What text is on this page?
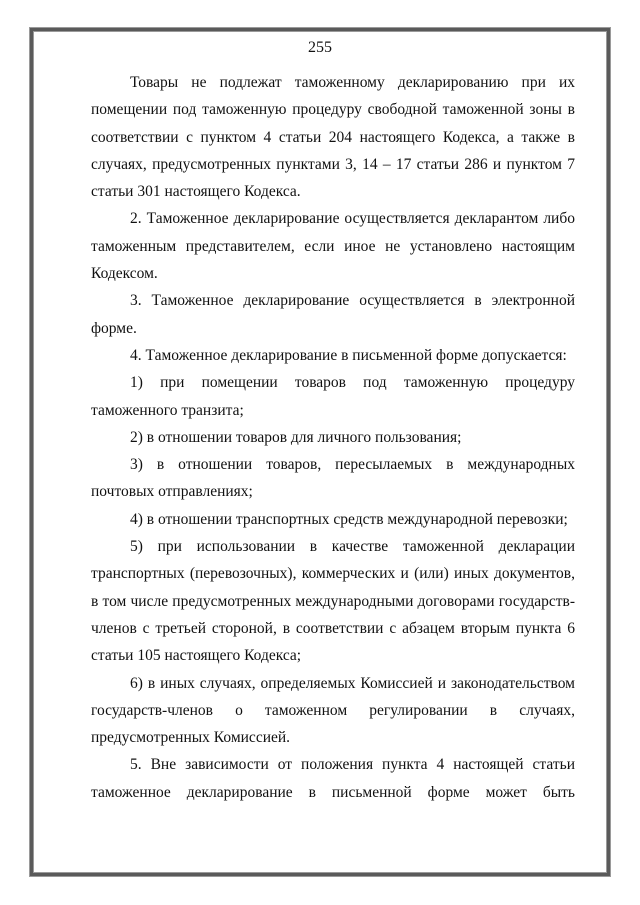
255

Товары не подлежат таможенному декларированию при их помещении под таможенную процедуру свободной таможенной зоны в соответствии с пунктом 4 статьи 204 настоящего Кодекса, а также в случаях, предусмотренных пунктами 3, 14 – 17 статьи 286 и пунктом 7 статьи 301 настоящего Кодекса.

2. Таможенное декларирование осуществляется декларантом либо таможенным представителем, если иное не установлено настоящим Кодексом.

3. Таможенное декларирование осуществляется в электронной форме.

4. Таможенное декларирование в письменной форме допускается:

1) при помещении товаров под таможенную процедуру таможенного транзита;

2) в отношении товаров для личного пользования;

3) в отношении товаров, пересылаемых в международных почтовых отправлениях;

4) в отношении транспортных средств международной перевозки;

5) при использовании в качестве таможенной декларации транспортных (перевозочных), коммерческих и (или) иных документов, в том числе предусмотренных международными договорами государств-членов с третьей стороной, в соответствии с абзацем вторым пункта 6 статьи 105 настоящего Кодекса;

6) в иных случаях, определяемых Комиссией и законодательством государств-членов о таможенном регулировании в случаях, предусмотренных Комиссией.

5. Вне зависимости от положения пункта 4 настоящей статьи таможенное декларирование в письменной форме может быть
